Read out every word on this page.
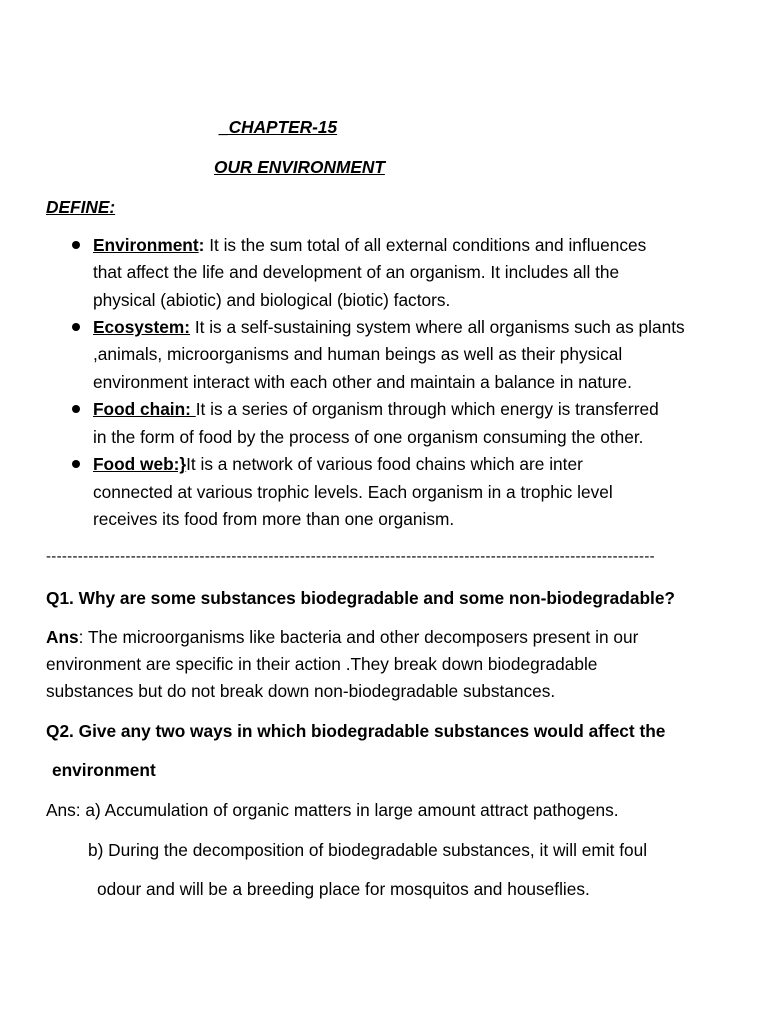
_CHAPTER-15
OUR ENVIRONMENT
DEFINE:
Environment: It is the sum total of all external conditions and influences
that affect the life and development of an organism. It includes all the
physical (abiotic) and biological (biotic) factors.
Ecosystem: It is a self-sustaining system where all organisms such as plants
,animals, microorganisms and human beings as well as their physical
environment interact with each other and maintain a balance in nature.
Food chain: It is a series of organism through which energy is transferred
in the form of food by the process of one organism consuming the other.
Food web:}It is a network of various food chains which are inter
connected at various trophic levels. Each organism in a trophic level
receives its food from more than one organism.
-------------------------------------------------------------------------------------------------------------------
Q1. Why are some substances biodegradable and some non-biodegradable?
Ans: The microorganisms like bacteria and other decomposers present in our
environment are specific in their action .They break down biodegradable
substances but do not break down non-biodegradable substances.
Q2. Give any two ways in which biodegradable substances would affect the
environment
Ans: a) Accumulation of organic matters in large amount attract pathogens.
b) During the decomposition of biodegradable substances, it will emit foul
odour and will be a breeding place for mosquitos and houseflies.
